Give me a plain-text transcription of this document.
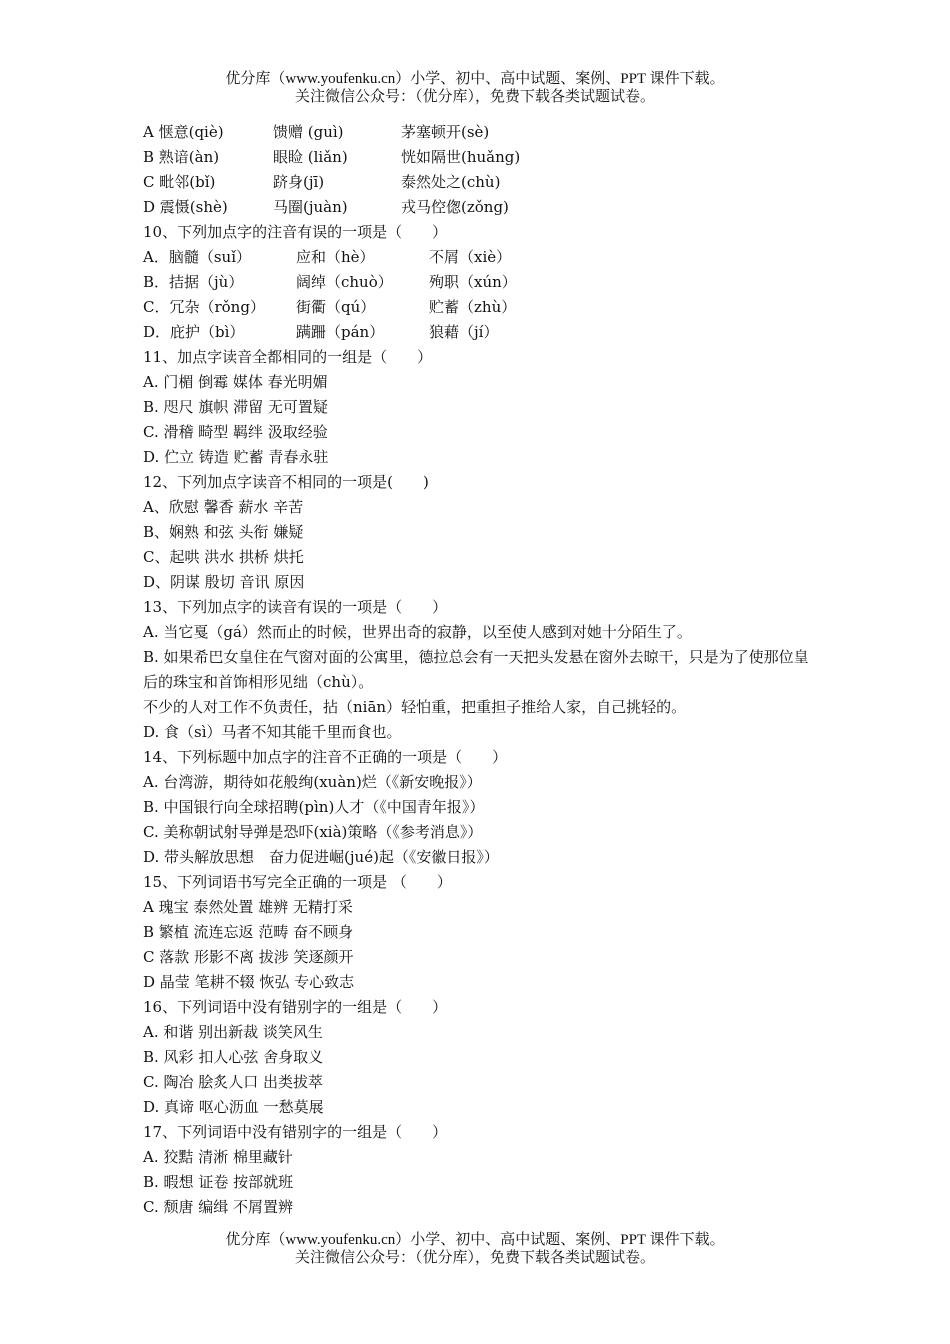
优分库（www.youfenku.cn）小学、初中、高中试题、案例、PPT 课件下载。
关注微信公众号：（优分库），免费下载各类试题试卷。
A 惬意(qiè)	馈赠 (guì)	茅塞顿开(sè)
B 熟谙(àn)	眼睑 (liǎn)	恍如隔世(huǎng)
C 毗邻(bǐ)	跻身(jī)	泰然处之(chù)
D 震慑(shè)	马圈(juàn)	戎马倥偬(zǒng)
10、下列加点字的注音有误的一项是（　　）
A．脑髓（suǐ）	应和（hè）	不屑（xiè）
B．拮据（jù）	阔绰（chuò）	殉职（xún）
C．冗杂（rǒng）	街衢（qú）	贮蓄（zhù）
D．庇护（bì）	蹒跚（pán）	狼藉（jí）
11、加点字读音全都相同的一组是（　　）
A. 门楣 倒霉 媒体 春光明媚
B. 咫尺 旗帜 滞留 无可置疑
C. 滑稽 畸型 羁绊 汲取经验
D. 伫立 铸造 贮蓄 青春永驻
12、下列加点字读音不相同的一项是(　　)
A、欣慰 馨香 薪水 辛苦
B、娴熟 和弦 头衔 嫌疑
C、起哄 洪水 拱桥 烘托
D、阴谋 殷切 音讯 原因
13、下列加点字的读音有误的一项是（　　）
A. 当它戛（gá）然而止的时候，世界出奇的寂静，以至使人感到对她十分陌生了。
B. 如果希巴女皇住在气窗对面的公寓里，德拉总会有一天把头发悬在窗外去晾干，只是为了使那位皇后的珠宝和首饰相形见绌（chù）。
不少的人对工作不负责任，拈（niān）轻怕重，把重担子推给人家，自己挑轻的。
D. 食（sì）马者不知其能千里而食也。
14、下列标题中加点字的注音不正确的一项是（　　）
A. 台湾游，期待如花般绚(xuàn)烂（《新安晚报》）
B. 中国银行向全球招聘(pìn)人才（《中国青年报》）
C. 美称朝试射导弹是恐吓(xià)策略（《参考消息》）
D. 带头解放思想　奋力促进崛(jué)起（《安徽日报》）
15、下列词语书写完全正确的一项是 （　　）
A 瑰宝 泰然处置 雄辨 无精打采
B 繁植 流连忘返 范畴 奋不顾身
C 落款 形影不离 拔涉 笑逐颜开
D 晶莹 笔耕不辍 恢弘 专心致志
16、下列词语中没有错别字的一组是（　　）
A. 和谐 别出新裁 谈笑风生
B. 风彩 扣人心弦 舍身取义
C. 陶冶 脍炙人口 出类拔萃
D. 真谛 呕心沥血 一愁莫展
17、下列词语中没有错别字的一组是（　　）
A. 狡黠 清淅 棉里藏针
B. 暇想 证卷 按部就班
C. 颓唐 编缉 不屑置辨
优分库（www.youfenku.cn）小学、初中、高中试题、案例、PPT 课件下载。
关注微信公众号：（优分库），免费下载各类试题试卷。
